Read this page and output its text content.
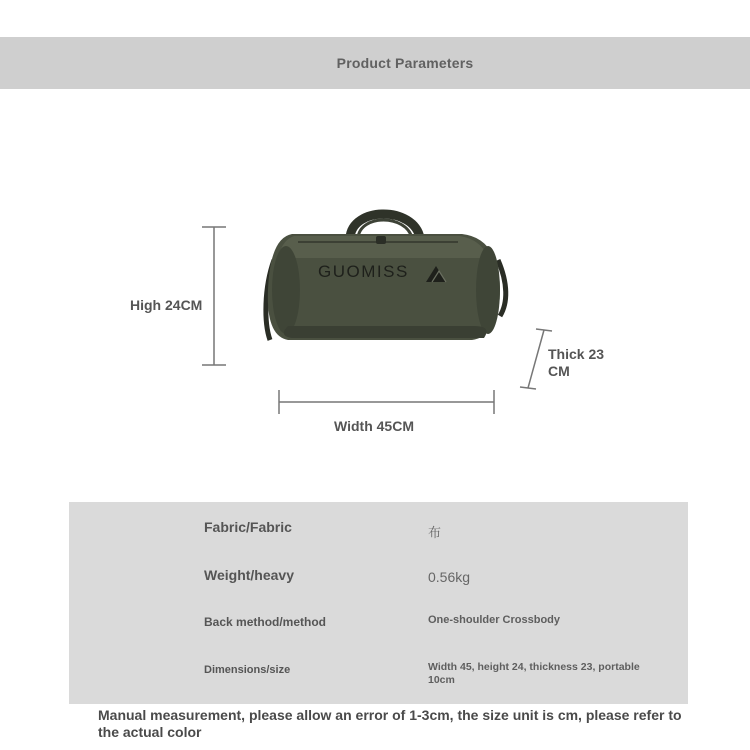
Product Parameters
High 24CM
GUOMISS
Thick 23
CM
Width 45CM
Fabric/Fabric	布
Weight/heavy	0.56kg
Back method/method	One-shoulder Crossbody
Dimensions/size	Width 45, height 24, thickness 23, portable 10cm
Manual measurement, please allow an error of 1-3cm, the size unit is cm, please refer to the actual color
